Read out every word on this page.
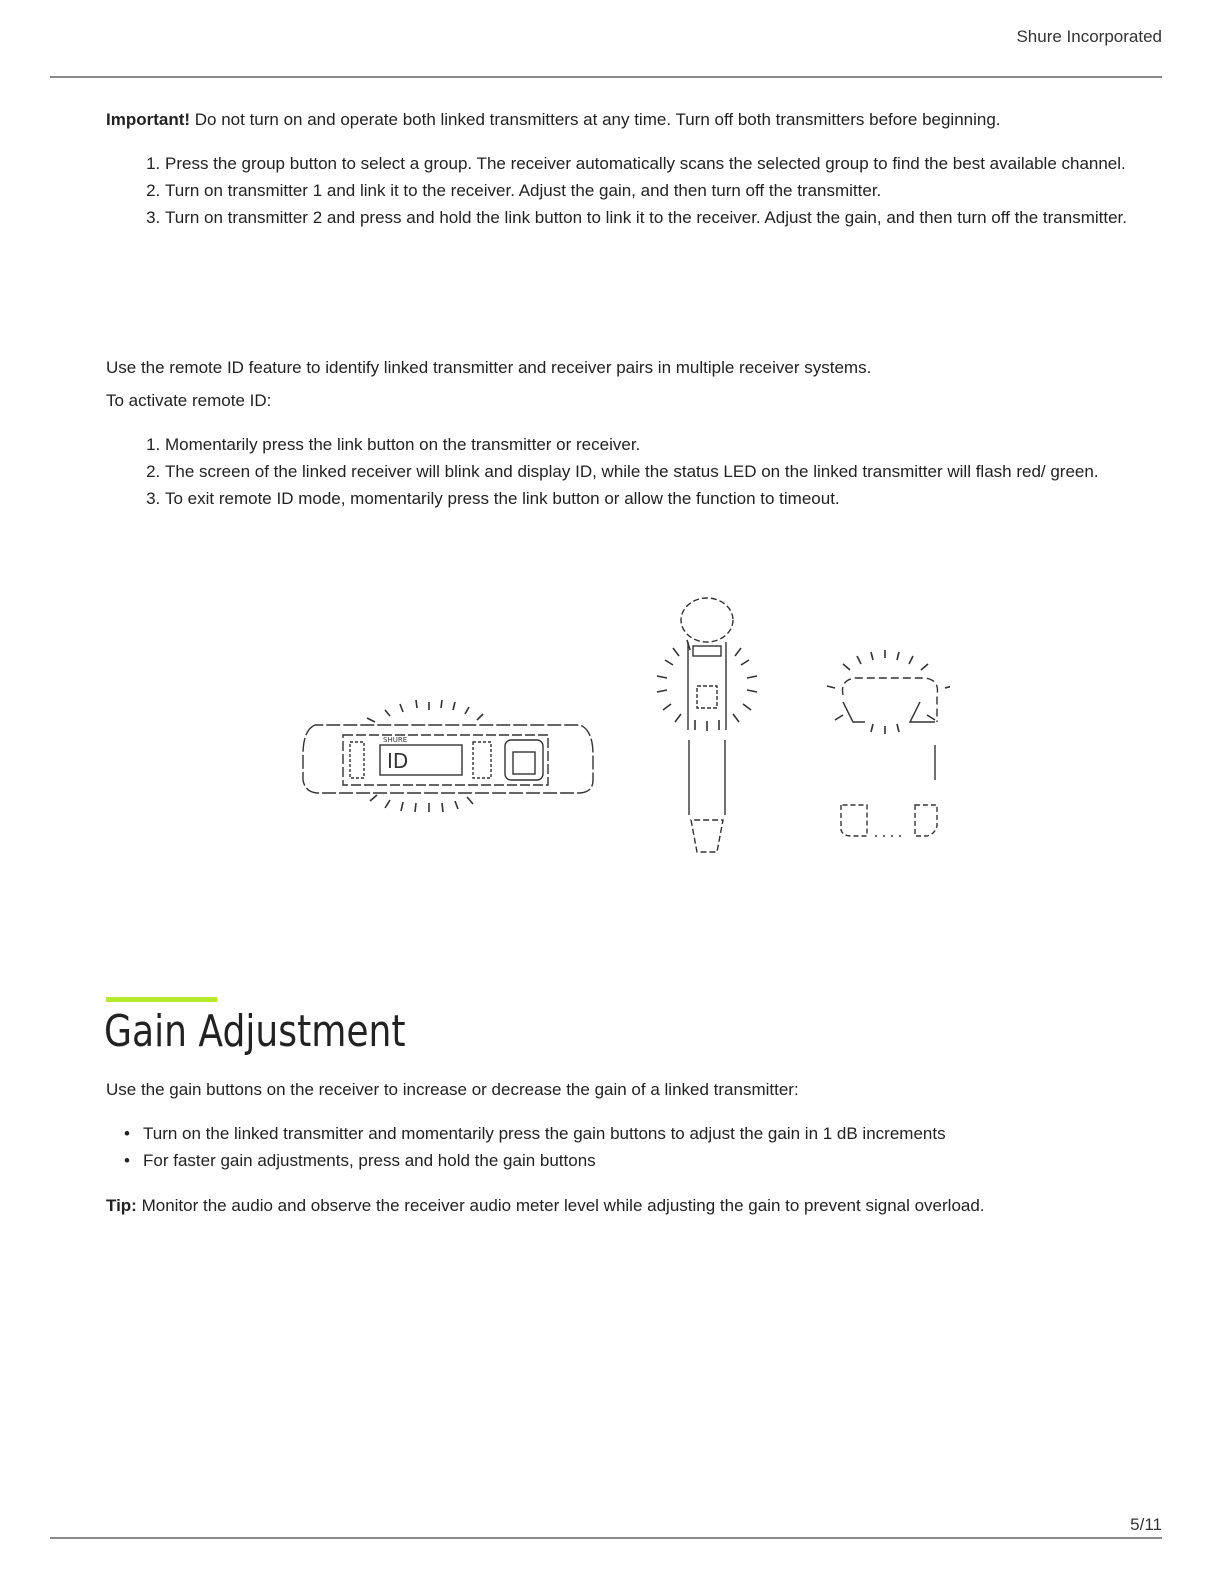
Shure Incorporated

Important! Do not turn on and operate both linked transmitters at any time. Turn off both transmitters before beginning.

1. Press the group button to select a group. The receiver automatically scans the selected group to find the best available channel.
2. Turn on transmitter 1 and link it to the receiver. Adjust the gain, and then turn off the transmitter.
3. Turn on transmitter 2 and press and hold the link button to link it to the receiver. Adjust the gain, and then turn off the transmitter.

Use the remote ID feature to identify linked transmitter and receiver pairs in multiple receiver systems.

To activate remote ID:

1. Momentarily press the link button on the transmitter or receiver.
2. The screen of the linked receiver will blink and display ID, while the status LED on the linked transmitter will flash red/ green.
3. To exit remote ID mode, momentarily press the link button or allow the function to timeout.
ID
SHURE
Gain Adjustment

Use the gain buttons on the receiver to increase or decrease the gain of a linked transmitter:

• Turn on the linked transmitter and momentarily press the gain buttons to adjust the gain in 1 dB increments
• For faster gain adjustments, press and hold the gain buttons

Tip: Monitor the audio and observe the receiver audio meter level while adjusting the gain to prevent signal overload.

5/11
